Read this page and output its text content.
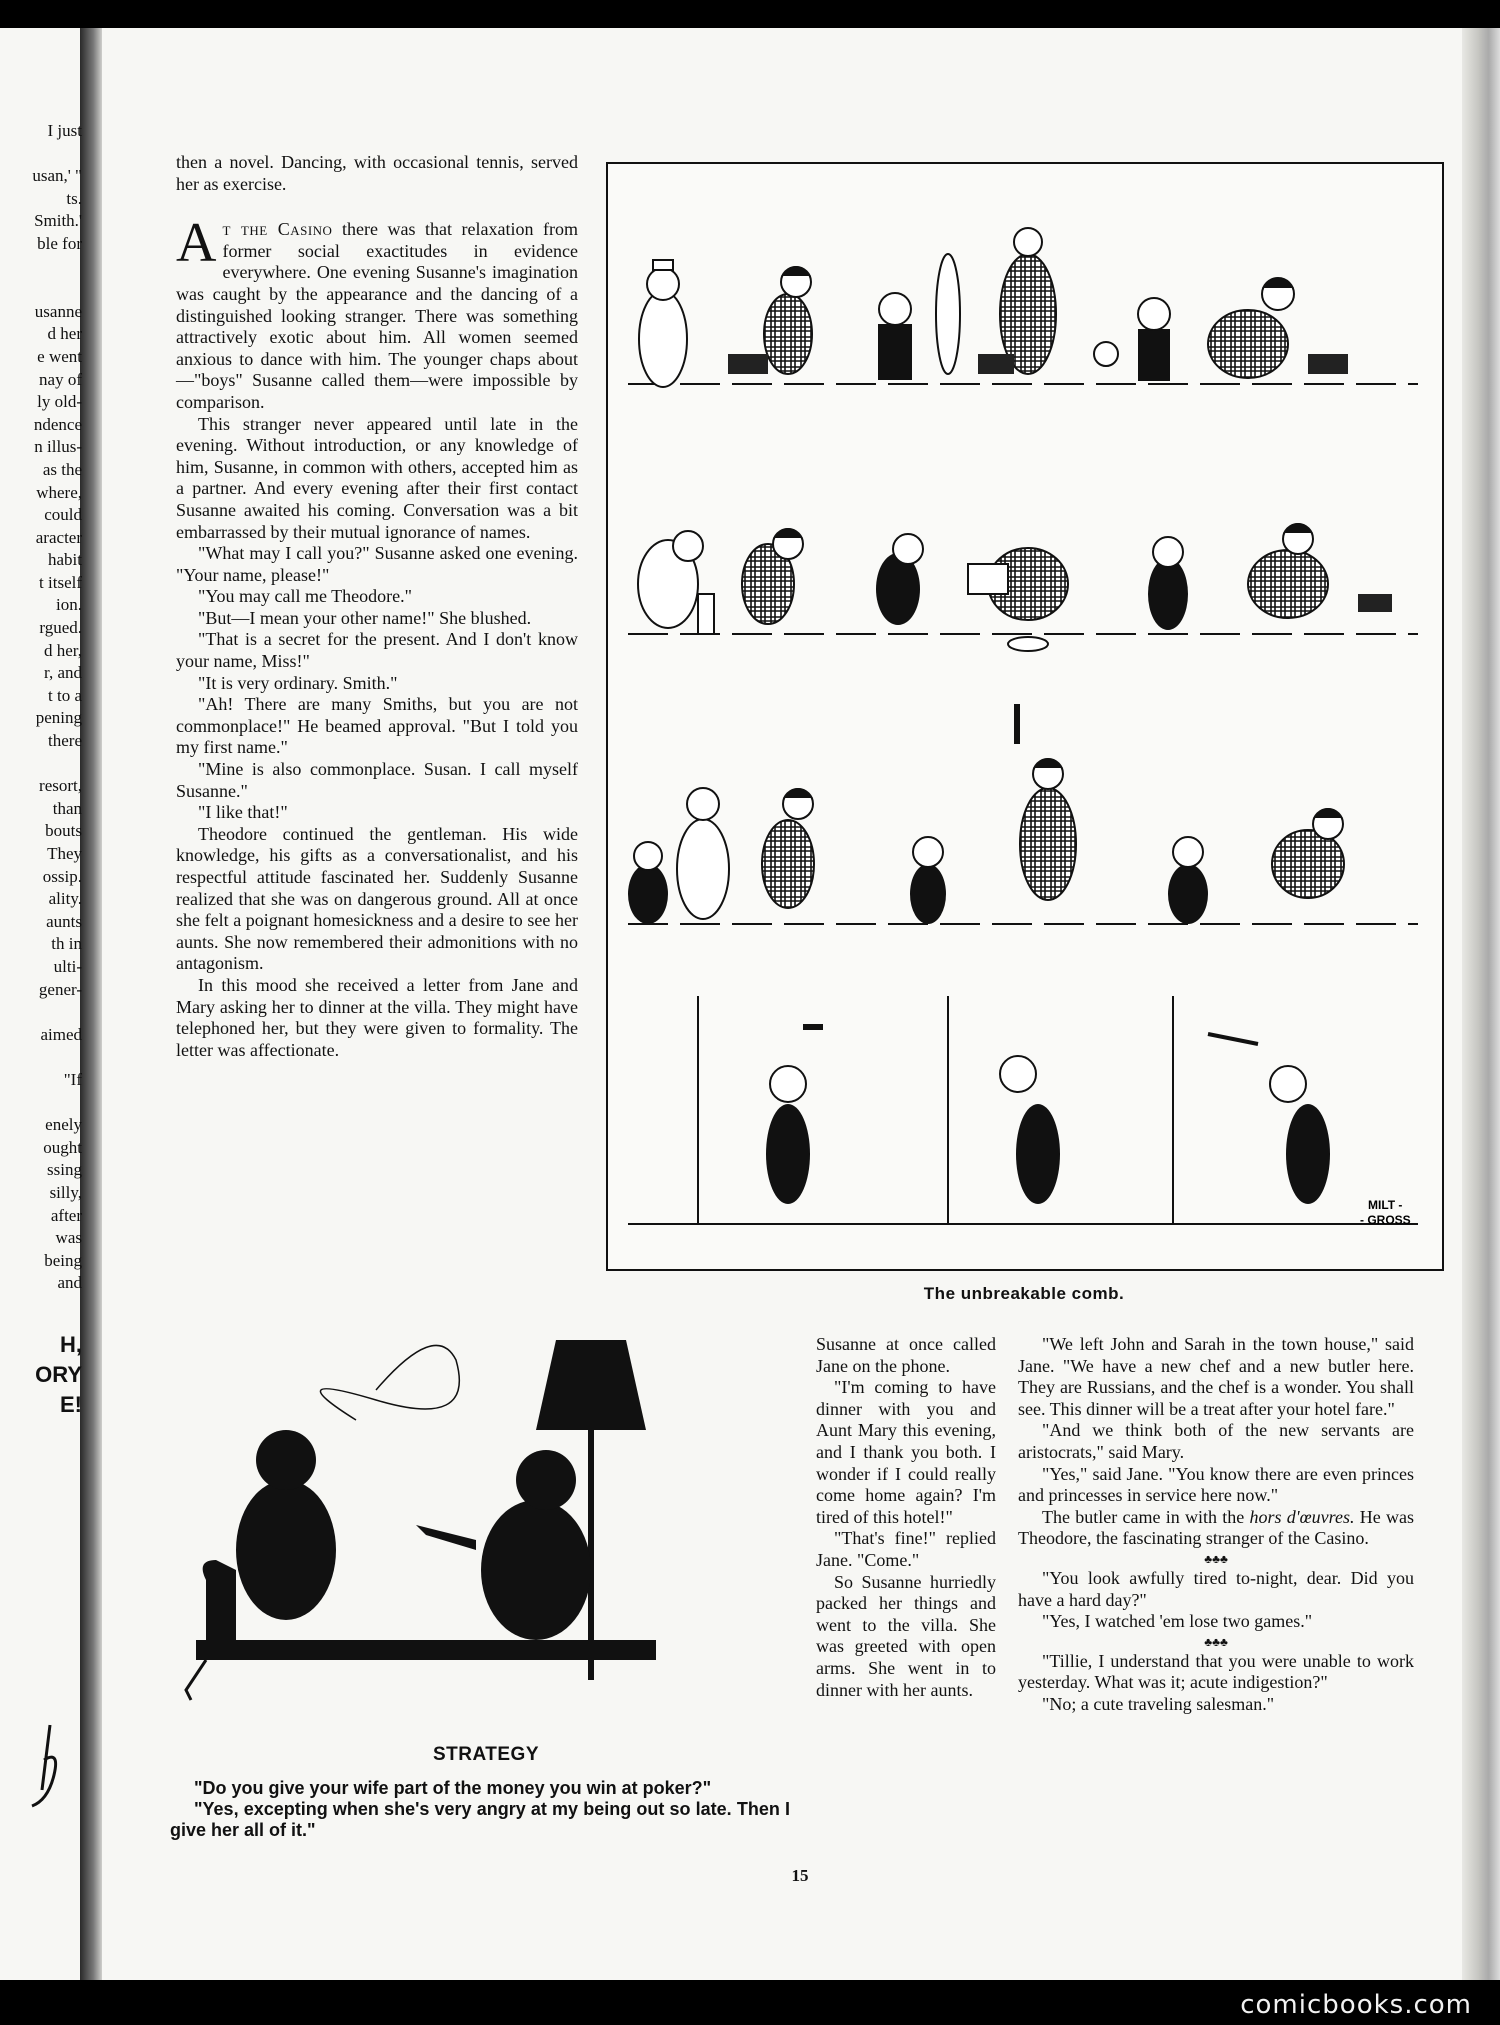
I just

usan,' "
ts.
Smith.'
ble for

usanne
d her
e went
nay of
ly old-
ndence
n illus-
as the
where,
could
aracter
habit
t itself
ion.
rgued.
d her,
r, and
t to a
pening
there

resort,
than
bouts
They
ossip.
ality.
aunts
th in
ulti-
gener-

aimed

"If

enely
ought
ssing
silly,
after
was
being
and
H,
ORY
E!

then a novel. Dancing, with occasional tennis, served her as exercise.

At the Casino there was that relaxation from former social exactitudes in evidence everywhere. One evening Susanne's imagination was caught by the appearance and the dancing of a distinguished looking stranger. There was something attractively exotic about him. All women seemed anxious to dance with him. The younger chaps about—"boys" Susanne called them—were impossible by comparison.

This stranger never appeared until late in the evening. Without introduction, or any knowledge of him, Susanne, in common with others, accepted him as a partner. And every evening after their first contact Susanne awaited his coming. Conversation was a bit embarrassed by their mutual ignorance of names.

"What may I call you?" Susanne asked one evening. "Your name, please!"

"You may call me Theodore."

"But—I mean your other name!" She blushed.

"That is a secret for the present. And I don't know your name, Miss!"

"It is very ordinary. Smith."

"Ah! There are many Smiths, but you are not commonplace!" He beamed approval. "But I told you my first name."

"Mine is also commonplace. Susan. I call myself Susanne."

"I like that!"

Theodore continued the gentleman. His wide knowledge, his gifts as a conversationalist, and his respectful attitude fascinated her. Suddenly Susanne realized that she was on dangerous ground. All at once she felt a poignant homesickness and a desire to see her aunts. She now remembered their admonitions with no antagonism.

In this mood she received a letter from Jane and Mary asking her to dinner at the villa. They might have telephoned her, but they were given to formality. The letter was affectionate.

MILT -
- GROSS
The unbreakable comb.
STRATEGY

"Do you give your wife part of the money you win at poker?"

"Yes, excepting when she's very angry at my being out so late. Then I give her all of it."

Susanne at once called Jane on the phone.

"I'm coming to have dinner with you and Aunt Mary this evening, and I thank you both. I wonder if I could really come home again? I'm tired of this hotel!"

"That's fine!" replied Jane. "Come."

So Susanne hurriedly packed her things and went to the villa. She was greeted with open arms. She went in to dinner with her aunts.

"We left John and Sarah in the town house," said Jane. "We have a new chef and a new butler here. They are Russians, and the chef is a wonder. You shall see. This dinner will be a treat after your hotel fare."

"And we think both of the new servants are aristocrats," said Mary.

"Yes," said Jane. "You know there are even princes and princesses in service here now."

The butler came in with the hors d'œuvres. He was Theodore, the fascinating stranger of the Casino.

♣♣♣

"You look awfully tired to-night, dear. Did you have a hard day?"

"Yes, I watched 'em lose two games."

♣♣♣

"Tillie, I understand that you were unable to work yesterday. What was it; acute indigestion?"

"No; a cute traveling salesman."

15
comicbooks.com
